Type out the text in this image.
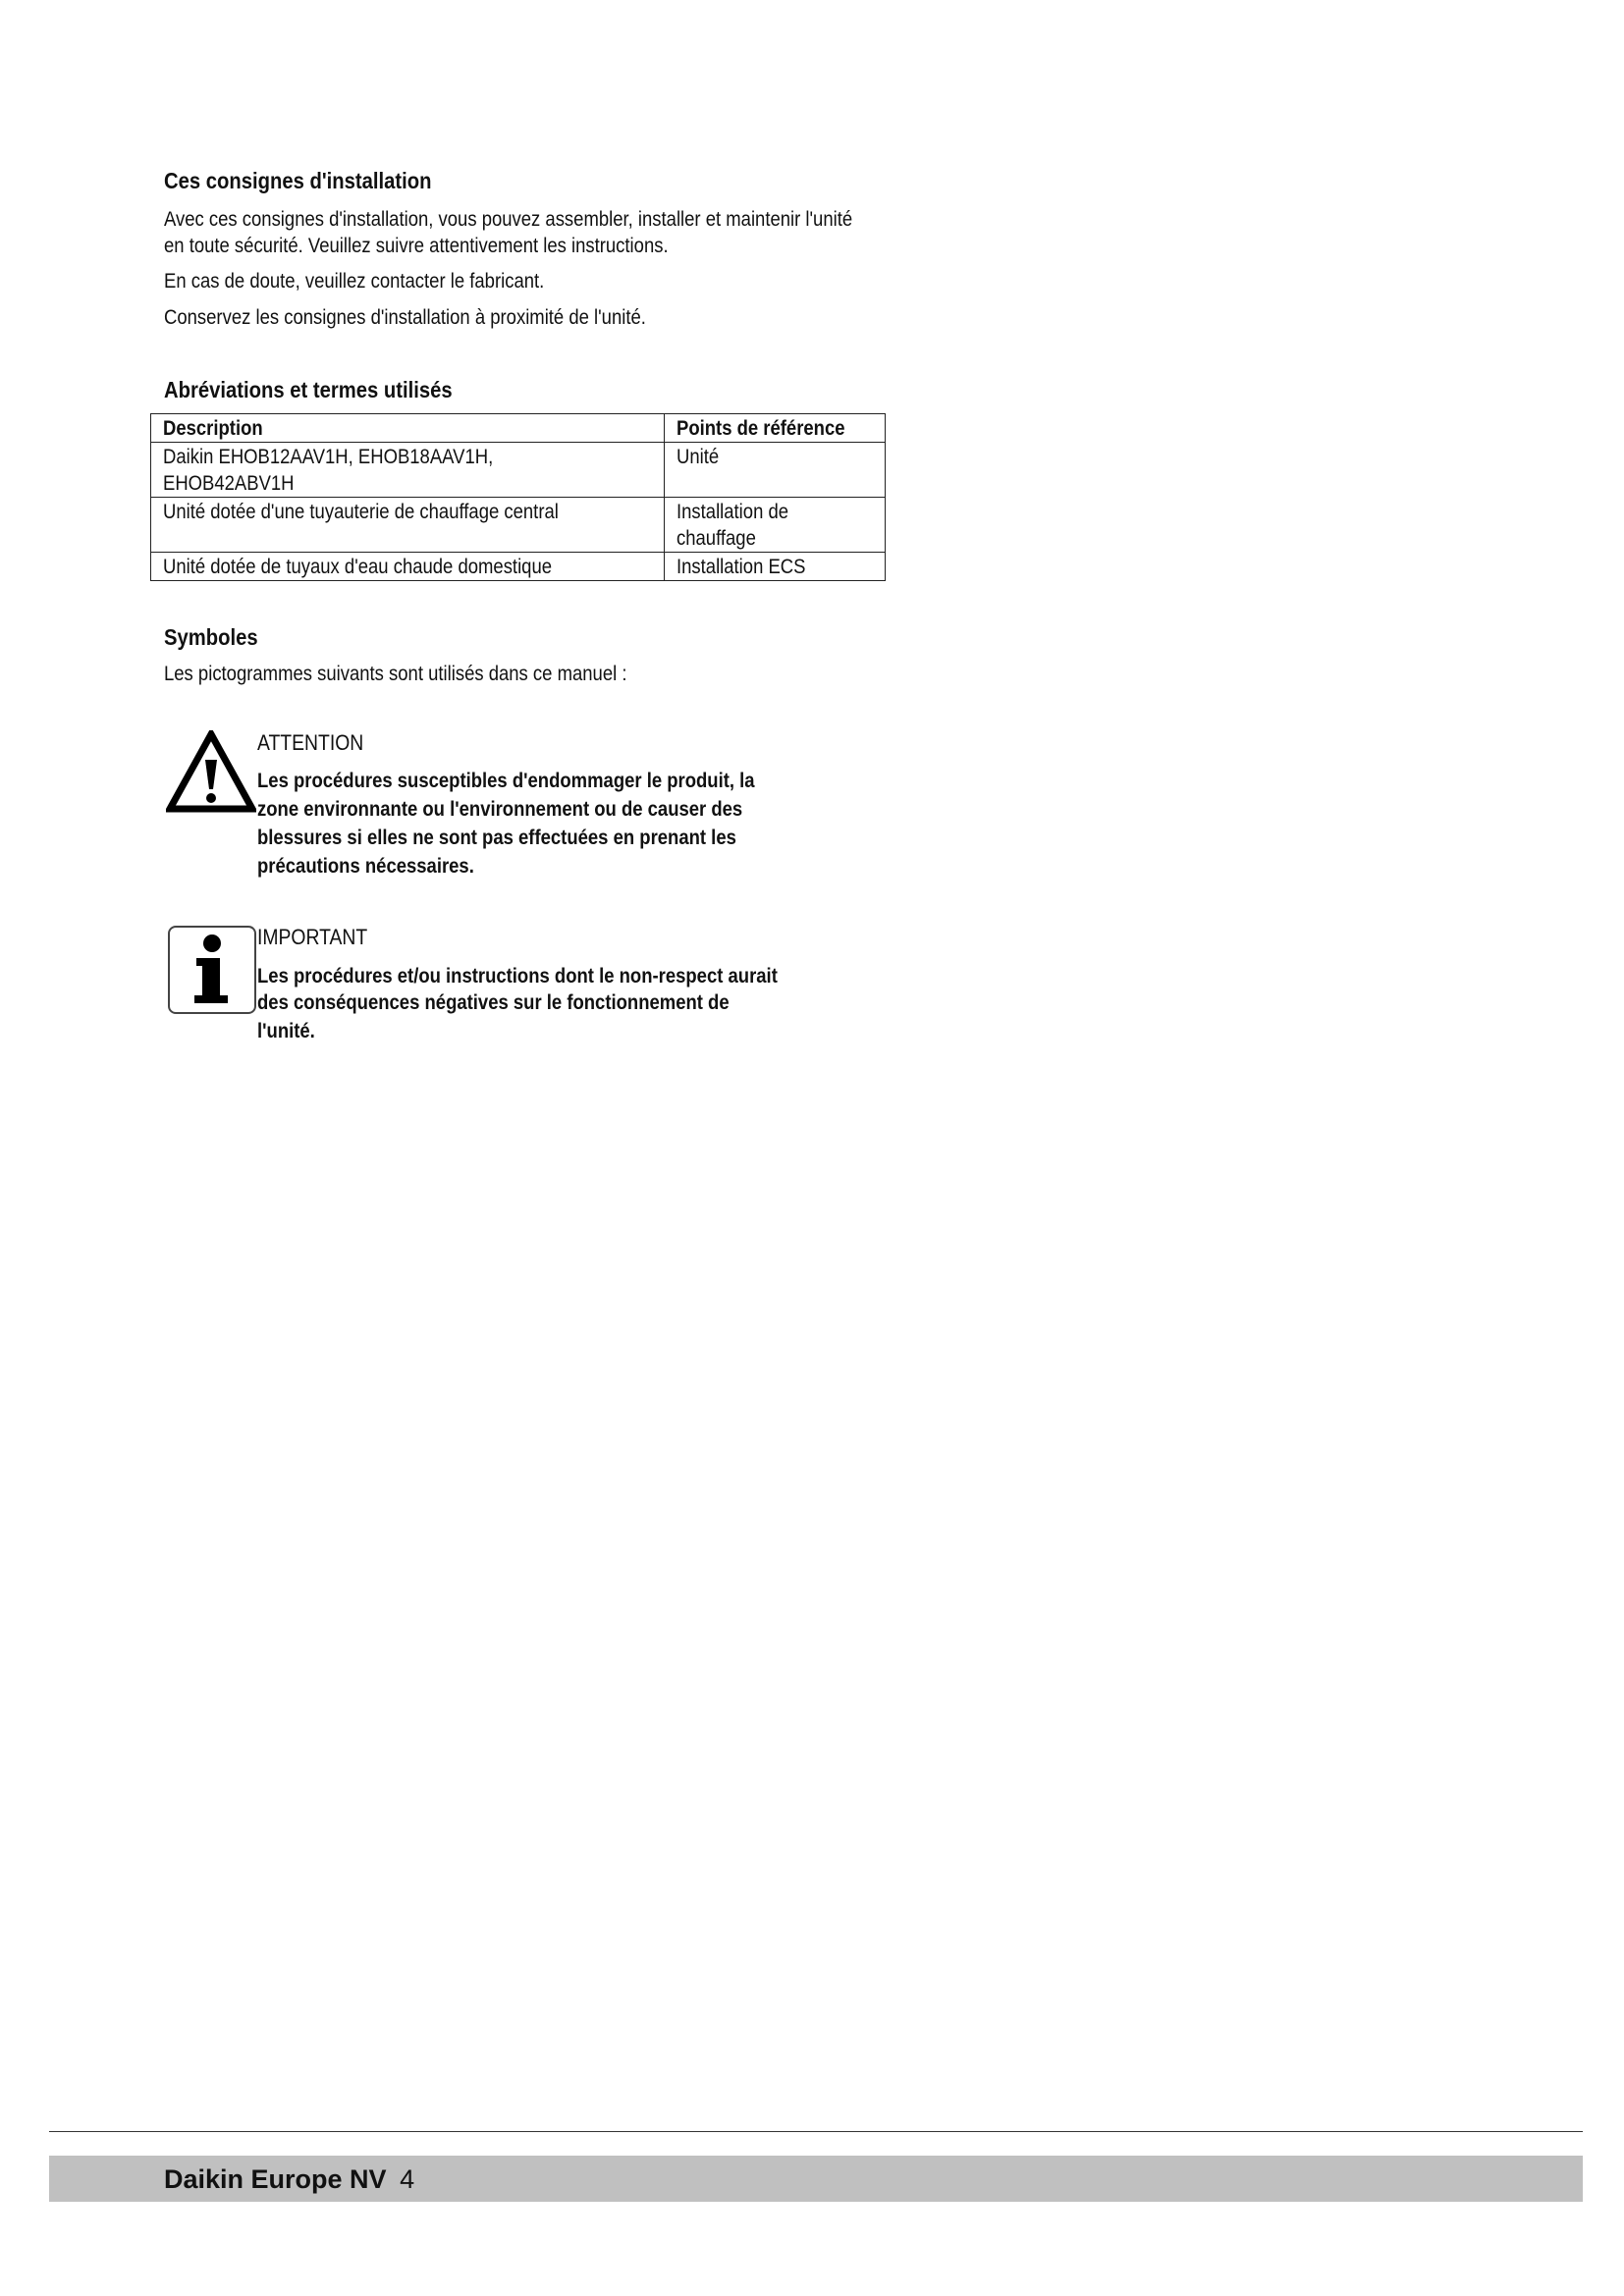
Ces consignes d'installation
Avec ces consignes d'installation, vous pouvez assembler, installer et maintenir l'unité
en toute sécurité. Veuillez suivre attentivement les instructions.
En cas de doute, veuillez contacter le fabricant.
Conservez les consignes d'installation à proximité de l'unité.
Abréviations et termes utilisés
Description	Points de référence
Daikin EHOB12AAV1H, EHOB18AAV1H,
EHOB42ABV1H	Unité
Unité dotée d'une tuyauterie de chauffage central	Installation de
chauffage
Unité dotée de tuyaux d'eau chaude domestique	Installation ECS
Symboles
Les pictogrammes suivants sont utilisés dans ce manuel :
ATTENTION
Les procédures susceptibles d'endommager le produit, la
zone environnante ou l'environnement ou de causer des
blessures si elles ne sont pas effectuées en prenant les
précautions nécessaires.
IMPORTANT
Les procédures et/ou instructions dont le non-respect aurait
des conséquences négatives sur le fonctionnement de
l'unité.
Daikin Europe NV 4
